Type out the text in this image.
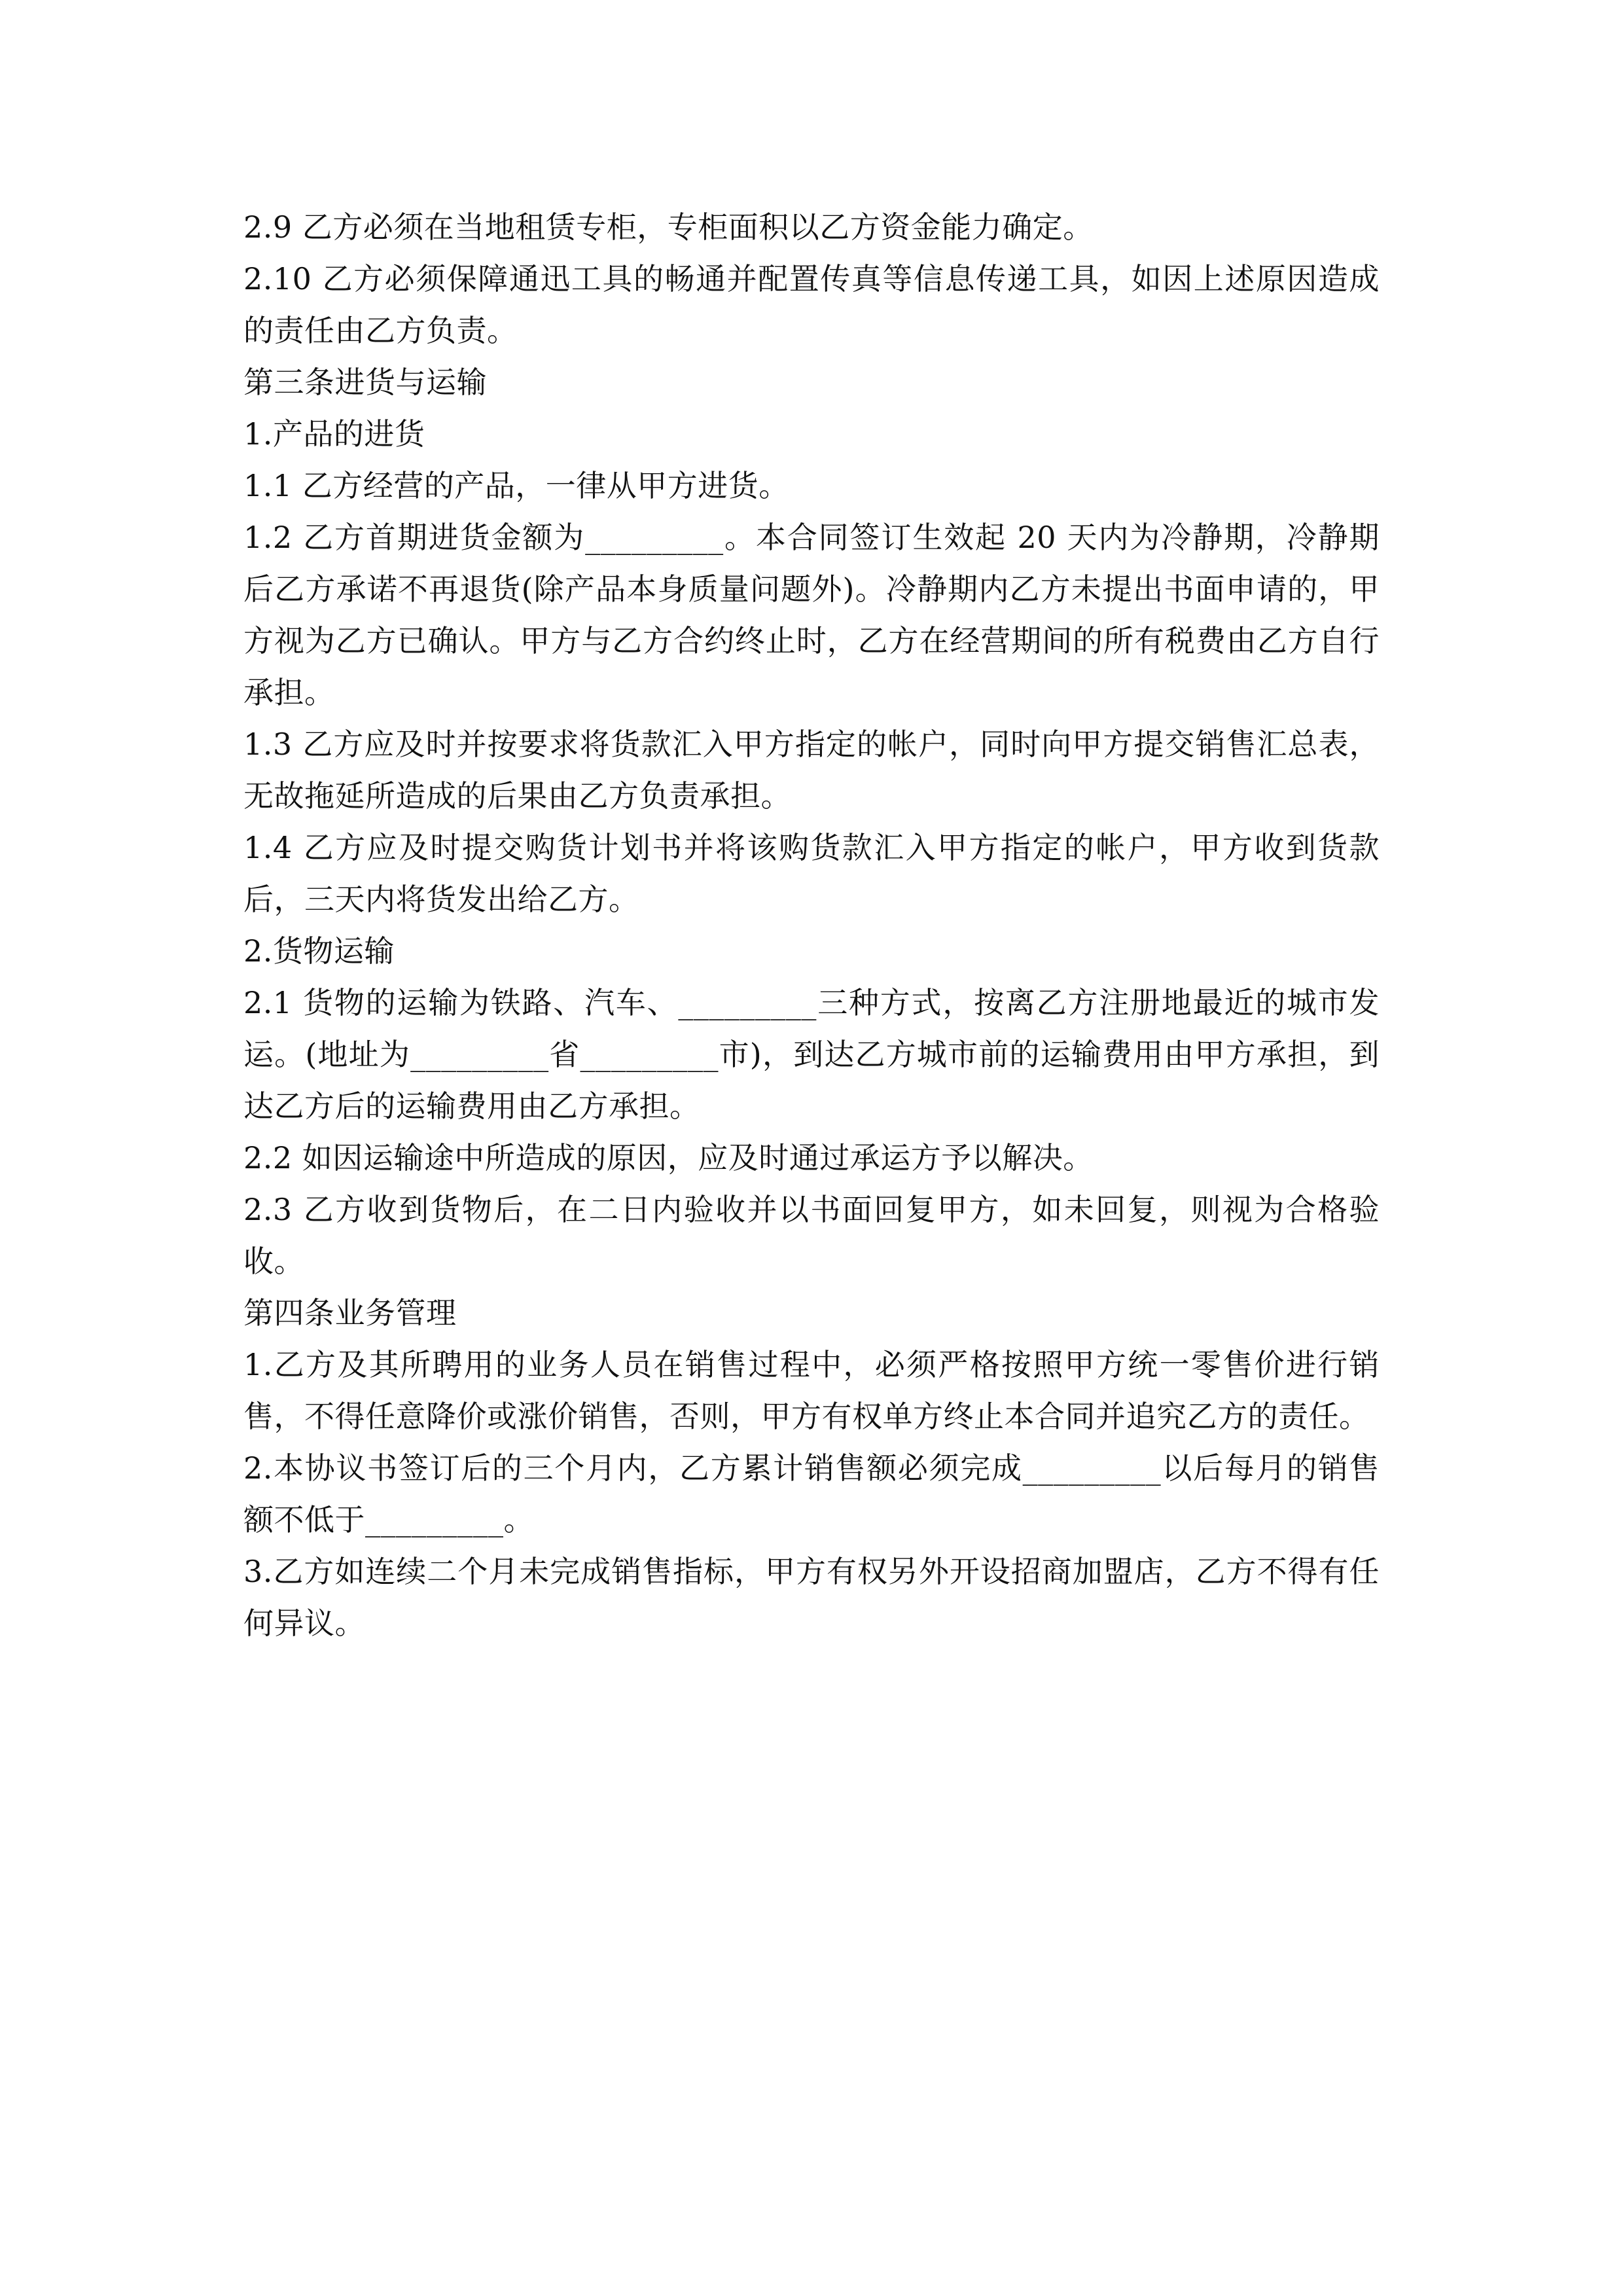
2.9 乙方必须在当地租赁专柜，专柜面积以乙方资金能力确定。

2.10 乙方必须保障通迅工具的畅通并配置传真等信息传递工具，如因上述原因造成的责任由乙方负责。

第三条进货与运输

1.产品的进货

1.1 乙方经营的产品，一律从甲方进货。

1.2 乙方首期进货金额为_________。本合同签订生效起 20 天内为冷静期，冷静期后乙方承诺不再退货(除产品本身质量问题外)。冷静期内乙方未提出书面申请的，甲方视为乙方已确认。甲方与乙方合约终止时，乙方在经营期间的所有税费由乙方自行承担。

1.3 乙方应及时并按要求将货款汇入甲方指定的帐户，同时向甲方提交销售汇总表，无故拖延所造成的后果由乙方负责承担。

1.4 乙方应及时提交购货计划书并将该购货款汇入甲方指定的帐户，甲方收到货款后，三天内将货发出给乙方。

2.货物运输

2.1 货物的运输为铁路、汽车、_________三种方式，按离乙方注册地最近的城市发运。(地址为_________省_________市)，到达乙方城市前的运输费用由甲方承担，到达乙方后的运输费用由乙方承担。

2.2 如因运输途中所造成的原因，应及时通过承运方予以解决。

2.3 乙方收到货物后，在二日内验收并以书面回复甲方，如未回复，则视为合格验收。

第四条业务管理

1.乙方及其所聘用的业务人员在销售过程中，必须严格按照甲方统一零售价进行销售，不得任意降价或涨价销售，否则，甲方有权单方终止本合同并追究乙方的责任。

2.本协议书签订后的三个月内，乙方累计销售额必须完成_________以后每月的销售额不低于_________。

3.乙方如连续二个月未完成销售指标，甲方有权另外开设招商加盟店，乙方不得有任何异议。
